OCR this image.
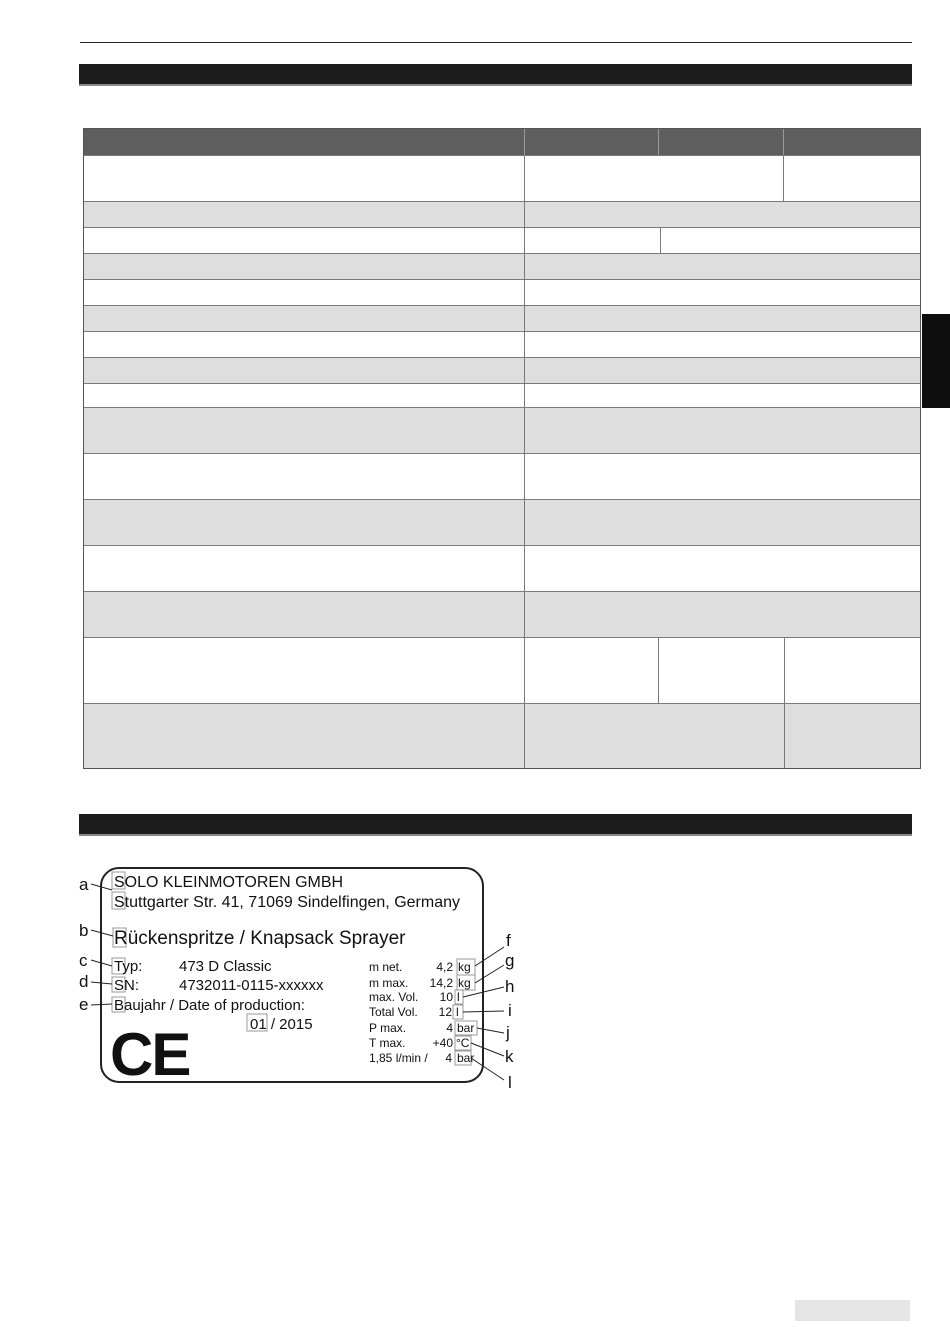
SOLO KLEINMOTOREN GMBH
Stuttgarter Str. 41, 71069 Sindelfingen, Germany
Rückenspritze / Knapsack Sprayer
Typ: 473 D Classic
SN:	4732011-0115-xxxxxx
Baujahr / Date of production:
01 / 2015
CE
m net.	4,2 kg
m max. 14,2 kg
max. Vol. 10 l
Total Vol. 12 l
P max.	4 bar
T max. +40 °C
1,85 l/min / 4 bar
a
b
c
d
e
f
g
h
i
j
k
l
